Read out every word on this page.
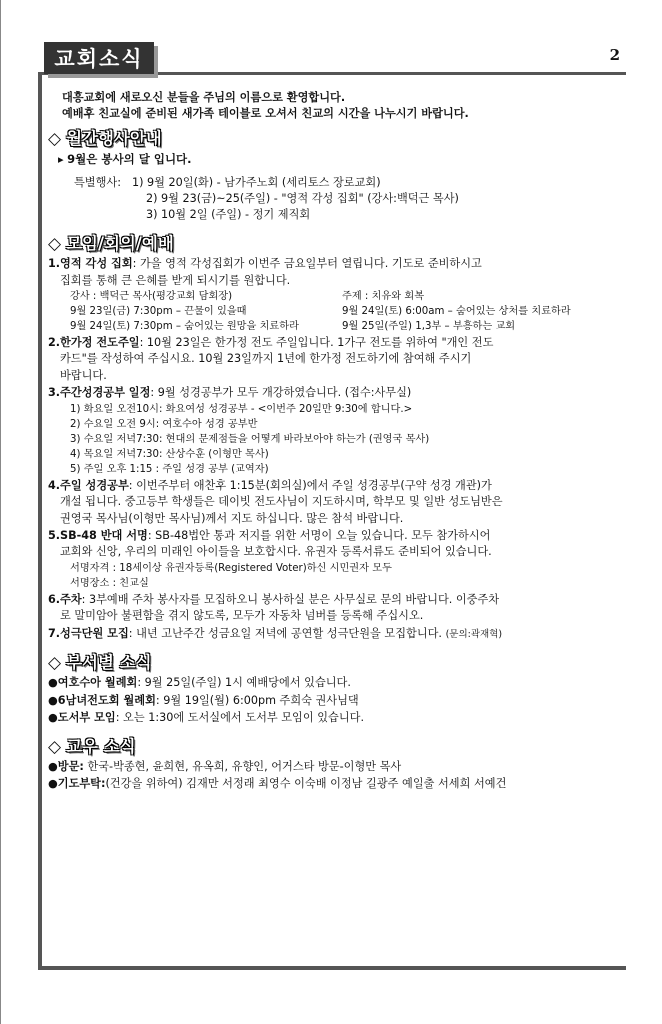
교회소식	2

대흥교회에 새로오신 분들을 주님의 이름으로 환영합니다.

예배후 친교실에 준비된 새가족 테이블로 오셔서 친교의 시간을 나누시기 바랍니다.

◇ 월간행사안내
▸ 9월은 봉사의 달 입니다.
특별행사: 1) 9월 20일(화) - 남가주노회 (세리토스 장로교회)
2) 9월 23(금)~25(주일) - "영적 각성 집회" (강사:백덕근 목사)
3) 10월 2일 (주일) - 정기 제직회
◇ 모임/회의/예배
1.영적 각성 집회: 가을 영적 각성집회가 이번주 금요일부터 열립니다. 기도로 준비하시고
집회를 통해 큰 은혜를 받게 되시기를 원합니다.
강사 : 백덕근 목사(평강교회 담회장)	주제 : 치유와 회복
9월 23일(금) 7:30pm – 끈물이 있을때	9월 24일(토) 6:00am – 숨어있는 상처를 치료하라
9월 24일(토) 7:30pm – 숨어있는 원망을 치료하라	9월 25일(주일) 1,3부 – 부흥하는 교회
2.한가정 전도주일: 10월 23일은 한가정 전도 주일입니다. 1가구 전도를 위하여 "개인 전도
카드"를 작성하여 주십시요. 10월 23일까지 1년에 한가정 전도하기에 참여해 주시기
바랍니다.
3.주간성경공부 일정: 9월 성경공부가 모두 개강하였습니다. (접수:사무실)
1) 화요일 오전10시: 화요여성 성경공부 - <이번주 20일만 9:30에 합니다.>
2) 수요일 오전 9시: 여호수아 성경 공부반
3) 수요일 저녁7:30: 현대의 문제점들을 어떻게 바라보아야 하는가 (권영국 목사)
4) 목요일 저녁7:30: 산상수훈 (이형만 목사)
5) 주일 오후 1:15 : 주일 성경 공부 (교역자)
4.주일 성경공부: 이번주부터 애찬후 1:15분(회의실)에서 주일 성경공부(구약 성경 개관)가
개설 됩니다. 중고등부 학생들은 데이빗 전도사님이 지도하시며, 학부모 및 일반 성도님반은
권영국 목사님(이형만 목사님)께서 지도 하십니다. 많은 참석 바랍니다.
5.SB-48 반대 서명: SB-48법안 통과 저지를 위한 서명이 오늘 있습니다. 모두 참가하시어
교회와 신앙, 우리의 미래인 아이들을 보호합시다. 유권자 등록서류도 준비되어 있습니다.
서명자격 : 18세이상 유권자등록(Registered Voter)하신 시민권자 모두
서명장소 : 친교실
6.주차: 3부예배 주차 봉사자를 모집하오니 봉사하실 분은 사무실로 문의 바랍니다. 이중주차
로 말미암아 불편함을 겪지 않도록, 모두가 자동차 넘버를 등록해 주십시오.
7.성극단원 모집: 내년 고난주간 성금요일 저녁에 공연할 성극단원을 모집합니다. (문의:곽재혁)
◇ 부서별 소식
●여호수아 월례회: 9월 25일(주일) 1시 예배당에서 있습니다.
●6남녀전도회 월례회: 9월 19일(월) 6:00pm 주희숙 권사님댁
●도서부 모임: 오는 1:30에 도서실에서 도서부 모임이 있습니다.
◇ 교우 소식
●방문: 한국-박종현, 윤희현, 유옥희, 유향인, 어거스타 방문-이형만 목사
●기도부탁:(건강을 위하여) 김재만 서정래 최영수 이숙배 이정남 길광주 예일출 서세희 서예건
